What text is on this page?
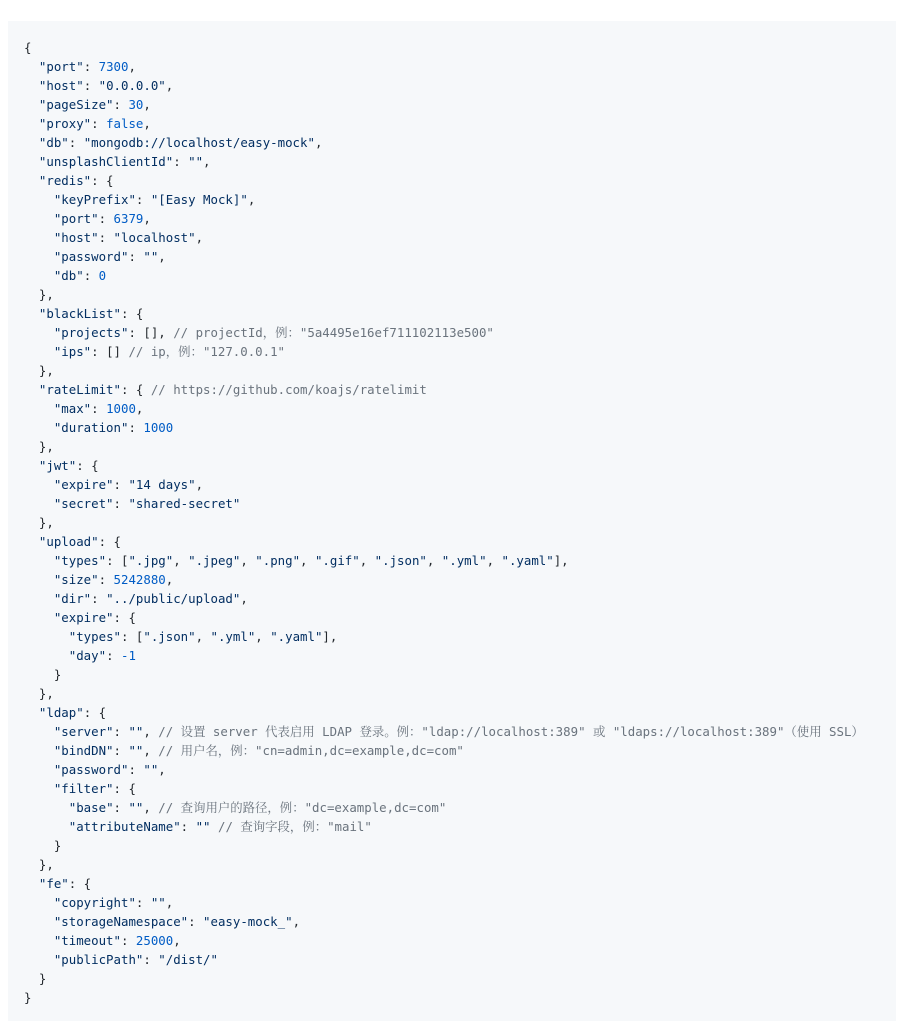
{
"port": 7300,
"host": "0.0.0.0",
"pageSize": 30,
"proxy": false,
"db": "mongodb://localhost/easy-mock",
"unsplashClientId": "",
"redis": {
"keyPrefix": "[Easy Mock]",
"port": 6379,
"host": "localhost",
"password": "",
"db": 0
},
"blackList": {
"projects": [], // projectId，例："5a4495e16ef711102113e500"
"ips": [] // ip，例："127.0.0.1"
},
"rateLimit": { // https://github.com/koajs/ratelimit
"max": 1000,
"duration": 1000
},
"jwt": {
"expire": "14 days",
"secret": "shared-secret"
},
"upload": {
"types": [".jpg", ".jpeg", ".png", ".gif", ".json", ".yml", ".yaml"],
"size": 5242880,
"dir": "../public/upload",
"expire": {
"types": [".json", ".yml", ".yaml"],
"day": -1
}
},
"ldap": {
"server": "", // 设置 server 代表启用 LDAP 登录。例："ldap://localhost:389" 或 "ldaps://localhost:389"（使用 SSL）
"bindDN": "", // 用户名，例："cn=admin,dc=example,dc=com"
"password": "",
"filter": {
"base": "", // 查询用户的路径，例："dc=example,dc=com"
"attributeName": "" // 查询字段，例："mail"
}
},
"fe": {
"copyright": "",
"storageNamespace": "easy-mock_",
"timeout": 25000,
"publicPath": "/dist/"
}
}
